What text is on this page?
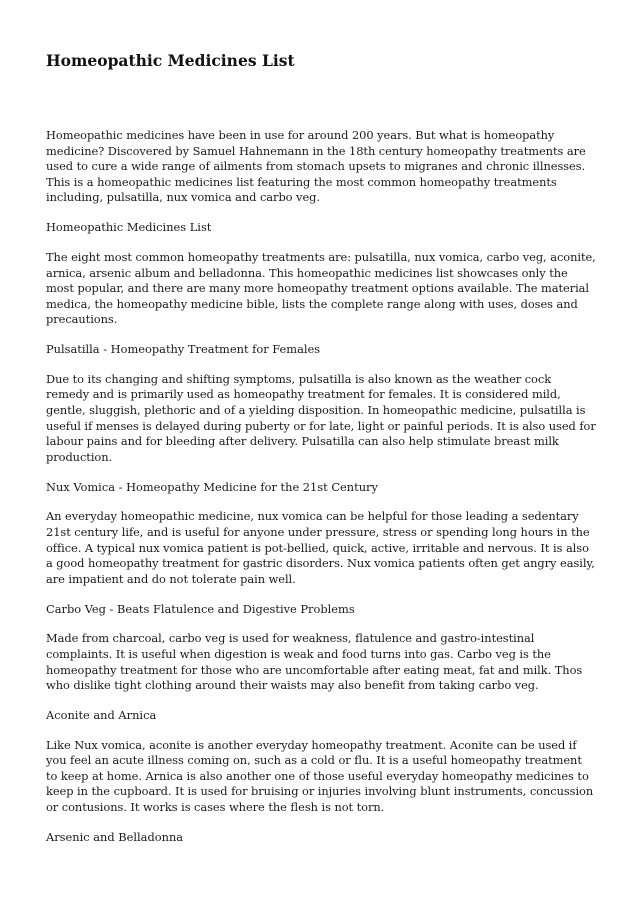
Homeopathic Medicines List

Homeopathic medicines have been in use for around 200 years. But what is homeopathy medicine? Discovered by Samuel Hahnemann in the 18th century homeopathy treatments are used to cure a wide range of ailments from stomach upsets to migranes and chronic illnesses. This is a homeopathic medicines list featuring the most common homeopathy treatments including, pulsatilla, nux vomica and carbo veg.

Homeopathic Medicines List

The eight most common homeopathy treatments are: pulsatilla, nux vomica, carbo veg, aconite, arnica, arsenic album and belladonna. This homeopathic medicines list showcases only the most popular, and there are many more homeopathy treatment options available. The material medica, the homeopathy medicine bible, lists the complete range along with uses, doses and precautions.

Pulsatilla - Homeopathy Treatment for Females

Due to its changing and shifting symptoms, pulsatilla is also known as the weather cock remedy and is primarily used as homeopathy treatment for females. It is considered mild, gentle, sluggish, plethoric and of a yielding disposition. In homeopathic medicine, pulsatilla is useful if menses is delayed during puberty or for late, light or painful periods. It is also used for labour pains and for bleeding after delivery. Pulsatilla can also help stimulate breast milk production.

Nux Vomica - Homeopathy Medicine for the 21st Century

An everyday homeopathic medicine, nux vomica can be helpful for those leading a sedentary 21st century life, and is useful for anyone under pressure, stress or spending long hours in the office. A typical nux vomica patient is pot-bellied, quick, active, irritable and nervous. It is also a good homeopathy treatment for gastric disorders. Nux vomica patients often get angry easily, are impatient and do not tolerate pain well.

Carbo Veg - Beats Flatulence and Digestive Problems

Made from charcoal, carbo veg is used for weakness, flatulence and gastro-intestinal complaints. It is useful when digestion is weak and food turns into gas. Carbo veg is the homeopathy treatment for those who are uncomfortable after eating meat, fat and milk. Thos who dislike tight clothing around their waists may also benefit from taking carbo veg.

Aconite and Arnica

Like Nux vomica, aconite is another everyday homeopathy treatment. Aconite can be used if you feel an acute illness coming on, such as a cold or flu. It is a useful homeopathy treatment to keep at home. Arnica is also another one of those useful everyday homeopathy medicines to keep in the cupboard. It is used for bruising or injuries involving blunt instruments, concussion or contusions. It works is cases where the flesh is not torn.

Arsenic and Belladonna
